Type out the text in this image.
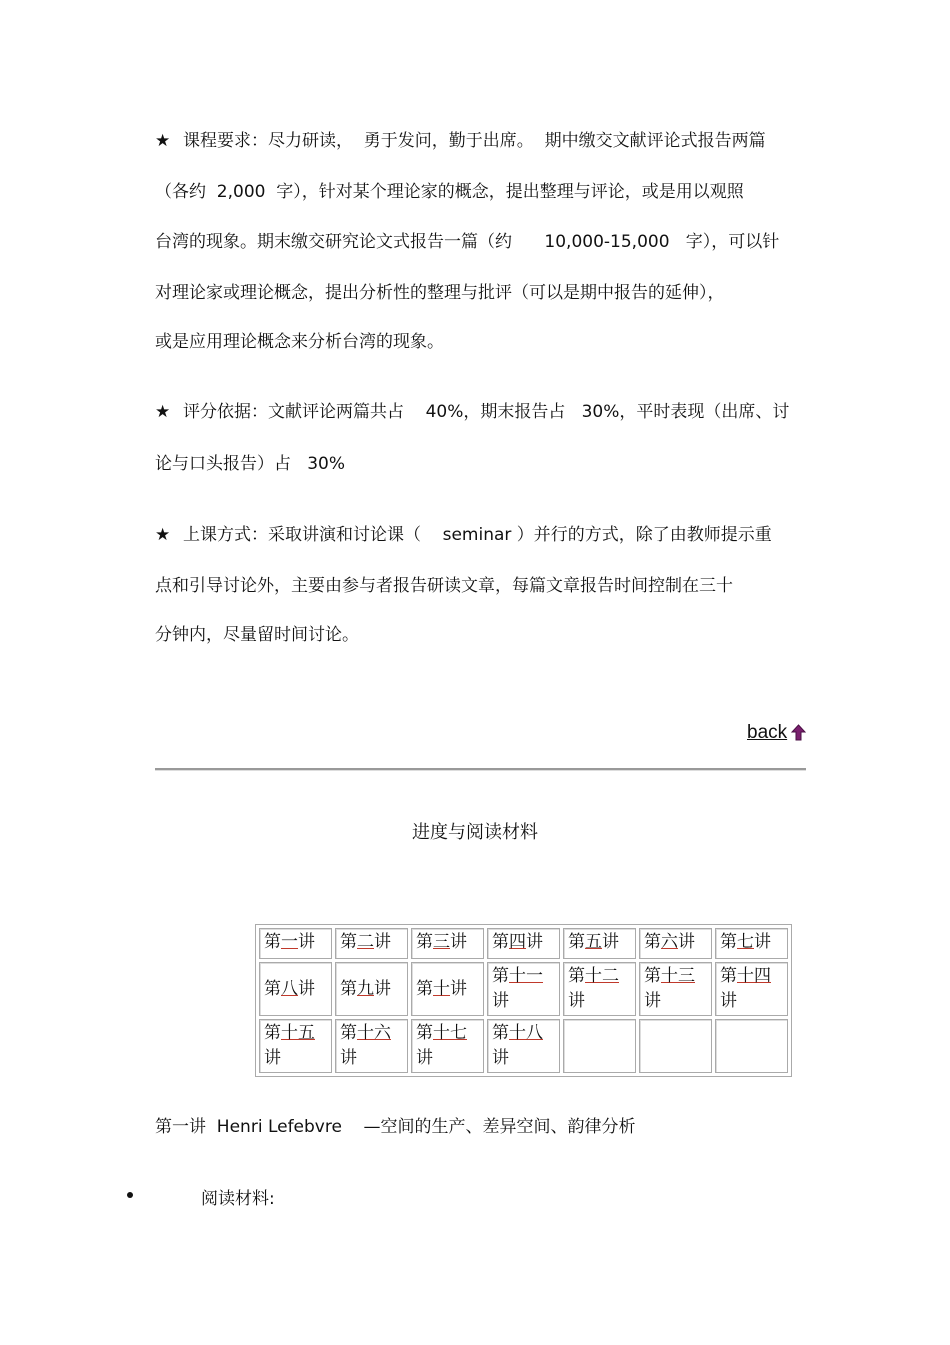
★ 课程要求：尽力研读，  勇于发问，勤于出席。  期中缴交文献评论式报告两篇
（各约  2,000  字），针对某个理论家的概念，提出整理与评论，或是用以观照
台湾的现象。期末缴交研究论文式报告一篇（约      10,000-15,000   字），可以针
对理论家或理论概念，提出分析性的整理与批评（可以是期中报告的延伸），
或是应用理论概念来分析台湾的现象。
★ 评分依据：文献评论两篇共占    40%，期末报告占   30%，平时表现（出席、讨
论与口头报告）占   30%
★ 上课方式：采取讲演和讨论课（    seminar ）并行的方式，除了由教师提示重
点和引导讨论外，主要由参与者报告研读文章，每篇文章报告时间控制在三十
分钟内，尽量留时间讨论。
back
进度与阅读材料
第一讲	第二讲	第三讲	第四讲	第五讲	第六讲	第七讲
第八讲	第九讲	第十讲	第十一讲	第十二讲	第十三讲	第十四讲
第十五讲	第十六讲	第十七讲	第十八讲			
第一讲  Henri Lefebvre    —空间的生产、差异空间、韵律分析
阅读材料:
